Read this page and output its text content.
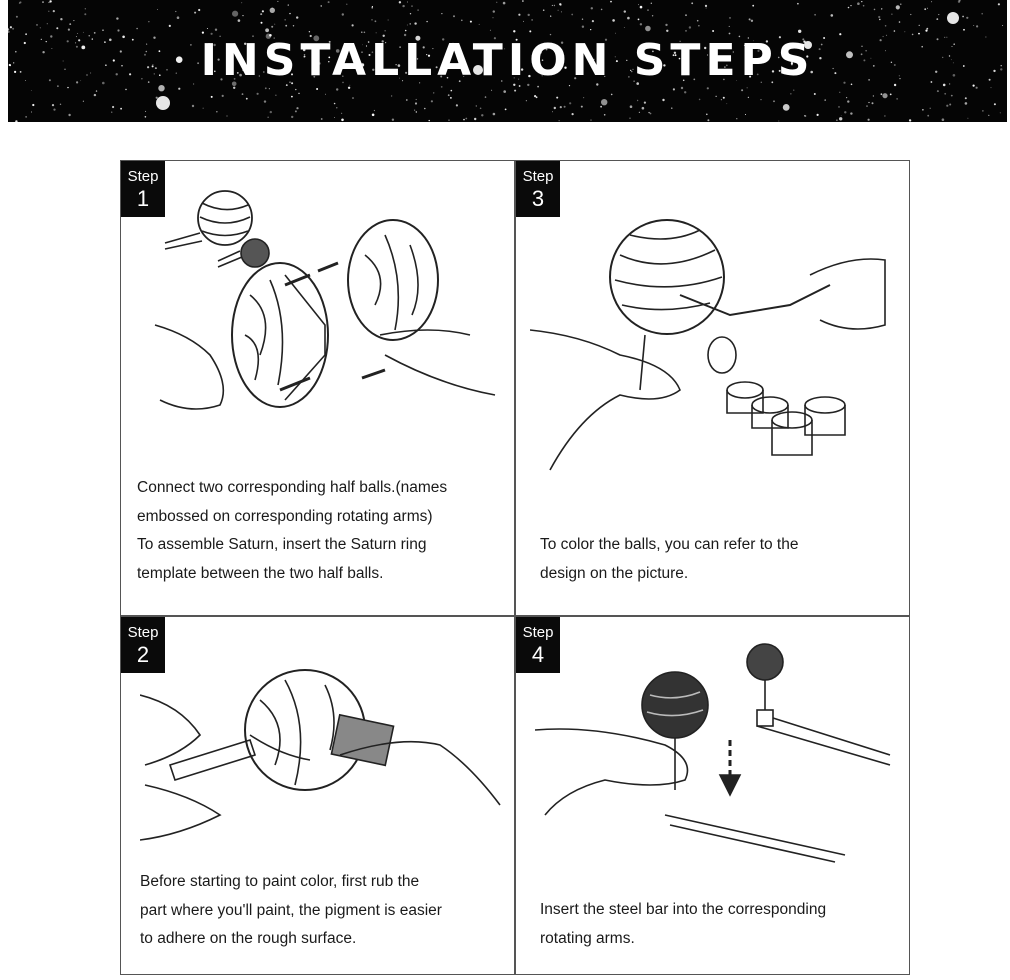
INSTALLATION STEPS
Step
1
Connect two corresponding half balls.(names
embossed on corresponding rotating arms)
To assemble Saturn, insert the Saturn ring
template between the two half balls.
Step
3
To color the balls, you can refer to the
design on the picture.
Step
2
Before starting to paint color, first rub the
part where you'll paint, the pigment is easier
to adhere on the rough surface.
Step
4
Insert the steel bar into the corresponding
rotating arms.
